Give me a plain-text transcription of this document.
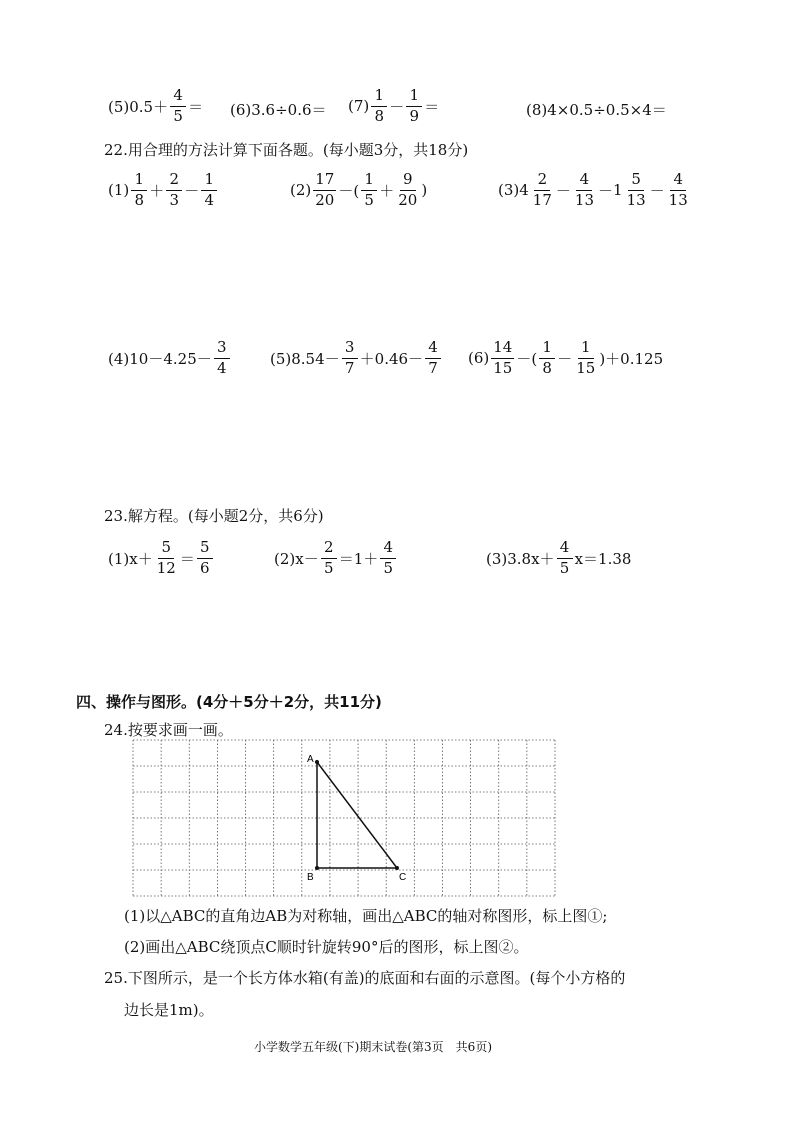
$(5)0.5+ \frac{4}{5} = (6)3.6\div 0.6= (7) \frac{1}{8} - \frac{1}{9}$ ＝	(8)4×0.5÷0.5×4＝
22.用合理的方法计算下面各题。(每小题3分，共18分)
$(1) \frac{1}{8} + \frac{2}{3} - \frac{1}{4}$	$(2) \frac{17}{20}$ －( $\frac{1}{5} + \frac{9}{20}$ )	(3) $4 \frac{2}{17} - \frac{4}{13} - 1 \frac{5}{13} - \frac{4}{13}$
$(4)10-4.25- \frac{3}{4}$	$(5)8.54- \frac{3}{7} +0.46- \frac{4}{7} (6) \frac{14}{15}$ －( $\frac{1}{8} - \frac{1}{15} )+0.125$
23.解方程。(每小题2分，共6分)
$(1)x+ \frac{5}{12} = \frac{5}{6}$	$(2)x- \frac{2}{5} =1+ \frac{4}{5}$	$(3)3.8x+ \frac{4}{5} x=1.38$
四、操作与图形。(4分＋5分＋2分，共11分)
24.按要求画一画。
A
B	C
(1)以△ABC的直角边AB为对称轴，画出△ABC的轴对称图形，标上图①;
(2)画出△ABC绕顶点C顺时针旋转90°后的图形，标上图②。
25.下图所示，是一个长方体水箱(有盖)的底面和右面的示意图。(每个小方格的
边长是1m)。
小学数学五年级(下)期末试卷(第3页　共6页)
